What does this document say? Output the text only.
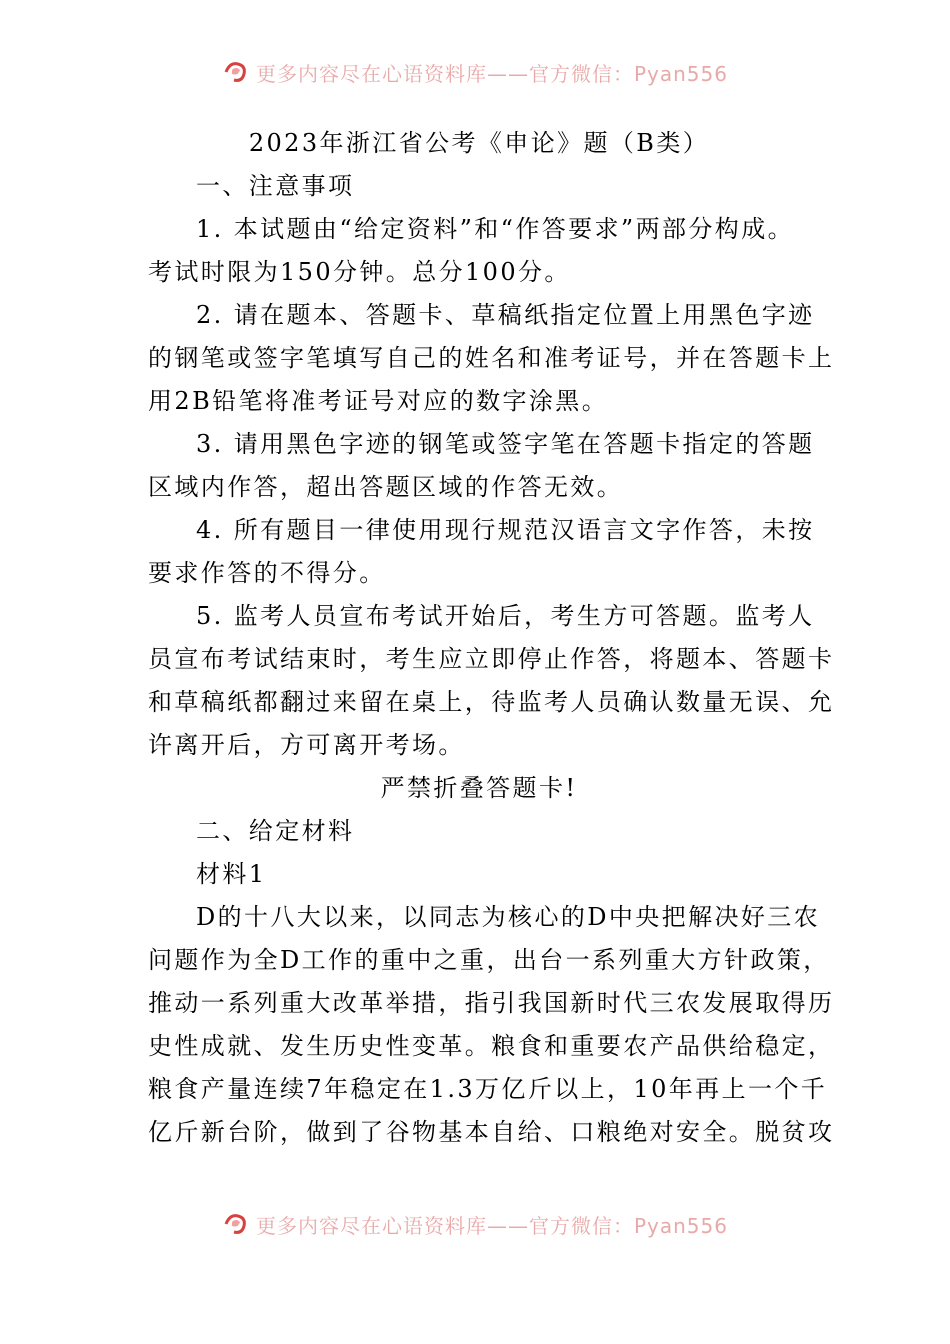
更多内容尽在心语资料库——官方微信：Pyan556
2023年浙江省公考《申论》题（B类）
一、注意事项
1. 本试题由“给定资料”和“作答要求”两部分构成。
考试时限为150分钟。总分100分。
2. 请在题本、答题卡、草稿纸指定位置上用黑色字迹
的钢笔或签字笔填写自己的姓名和准考证号，并在答题卡上
用2B铅笔将准考证号对应的数字涂黑。
3. 请用黑色字迹的钢笔或签字笔在答题卡指定的答题
区域内作答，超出答题区域的作答无效。
4. 所有题目一律使用现行规范汉语言文字作答，未按
要求作答的不得分。
5. 监考人员宣布考试开始后，考生方可答题。监考人
员宣布考试结束时，考生应立即停止作答，将题本、答题卡
和草稿纸都翻过来留在桌上，待监考人员确认数量无误、允
许离开后，方可离开考场。
严禁折叠答题卡!
二、给定材料
材料1
D的十八大以来，以同志为核心的D中央把解决好三农
问题作为全D工作的重中之重，出台一系列重大方针政策，
推动一系列重大改革举措，指引我国新时代三农发展取得历
史性成就、发生历史性变革。粮食和重要农产品供给稳定，
粮食产量连续7年稳定在1.3万亿斤以上，10年再上一个千
亿斤新台阶，做到了谷物基本自给、口粮绝对安全。脱贫攻
更多内容尽在心语资料库——官方微信：Pyan556
